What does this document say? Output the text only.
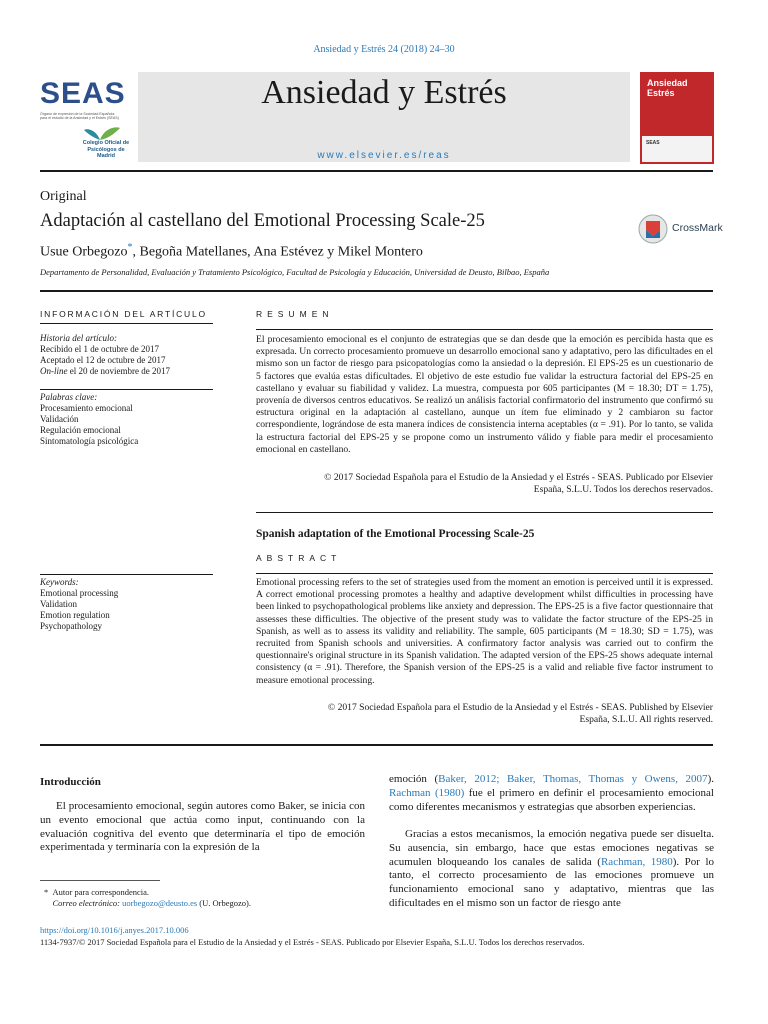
Ansiedad y Estrés 24 (2018) 24–30
SEAS
Órgano de expresión de la Sociedad Española para el estudio de la Ansiedad y el Estrés (SEAS)
Colegio Oficial de Psicólogos de Madrid
Ansiedad y Estrés
www.elsevier.es/reas
Ansiedad
Estrés
SEAS
Original
Adaptación al castellano del Emotional Processing Scale-25	CrossMark
Usue Orbegozo*, Begoña Matellanes, Ana Estévez y Mikel Montero
Departamento de Personalidad, Evaluación y Tratamiento Psicológico, Facultad de Psicología y Educación, Universidad de Deusto, Bilbao, España
INFORMACIÓN DEL ARTÍCULO
Historia del artículo:
Recibido el 1 de octubre de 2017
Aceptado el 12 de octubre de 2017
On-line el 20 de noviembre de 2017
Palabras clave:
Procesamiento emocional
Validación
Regulación emocional
Sintomatología psicológica
Keywords:
Emotional processing
Validation
Emotion regulation
Psychopathology
RESUMEN
El procesamiento emocional es el conjunto de estrategias que se dan desde que la emoción es percibida hasta que es expresada. Un correcto procesamiento promueve un desarrollo emocional sano y adaptativo, pero las dificultades en el mismo son un factor de riesgo para psicopatologías como la ansiedad o la depresión. El EPS-25 es un cuestionario de 5 factores que evalúa estas dificultades. El objetivo de este estudio fue validar la estructura factorial del EPS-25 en castellano y evaluar su fiabilidad y validez. La muestra, compuesta por 605 participantes (M = 18.30; DT = 1.75), provenía de diversos centros educativos. Se realizó un análisis factorial confirmatorio del instrumento que confirmó su estructura original en la adaptación al castellano, aunque un ítem fue eliminado y 2 cambiaron su factor correspondiente, lográndose de esta manera índices de consistencia interna aceptables (α = .91). Por lo tanto, se valida la estructura factorial del EPS-25 y se propone como un instrumento válido y fiable para medir el procesamiento emocional en castellano.
© 2017 Sociedad Española para el Estudio de la Ansiedad y el Estrés - SEAS. Publicado por Elsevier
España, S.L.U. Todos los derechos reservados.
Spanish adaptation of the Emotional Processing Scale-25
ABSTRACT
Emotional processing refers to the set of strategies used from the moment an emotion is perceived until it is expressed. A correct emotional processing promotes a healthy and adaptive development whilst difficulties in processing have been linked to psychopathological problems like anxiety and depression. The EPS-25 is a five factor questionnaire that assesses these difficulties. The objective of the present study was to validate the factor structure of the EPS-25 in Spanish, as well as to assess its validity and reliability. The sample, 605 participants (M = 18.30; SD = 1.75), was recruited from Spanish schools and universities. A confirmatory factor analysis was carried out to confirm the questionnaire's original structure in its Spanish validation. The adapted version of the EPS-25 shows adequate internal consistency (α = .91). Therefore, the Spanish version of the EPS-25 is a valid and reliable five factor instrument to measure emotional processing.
© 2017 Sociedad Española para el Estudio de la Ansiedad y el Estrés - SEAS. Published by Elsevier
España, S.L.U. All rights reserved.
Introducción
El procesamiento emocional, según autores como Baker, se inicia con un evento emocional que actúa como input, continuando con la evaluación cognitiva del evento que determinaría el tipo de emoción experimentada y terminaría con la expresión de la
emoción (Baker, 2012; Baker, Thomas, Thomas y Owens, 2007). Rachman (1980) fue el primero en definir el procesamiento emocional como diferentes mecanismos y estrategias que absorben experiencias.
Gracias a estos mecanismos, la emoción negativa puede ser disuelta. Su ausencia, sin embargo, hace que estas emociones negativas se acumulen bloqueando los canales de salida (Rachman, 1980). Por lo tanto, el correcto procesamiento de las emociones promueve un funcionamiento emocional sano y adaptativo, mientras que las dificultades en el mismo son un factor de riesgo ante
* Autor para correspondencia.
Correo electrónico: uorbegozo@deusto.es (U. Orbegozo).
https://doi.org/10.1016/j.anyes.2017.10.006
1134-7937/© 2017 Sociedad Española para el Estudio de la Ansiedad y el Estrés - SEAS. Publicado por Elsevier España, S.L.U. Todos los derechos reservados.
